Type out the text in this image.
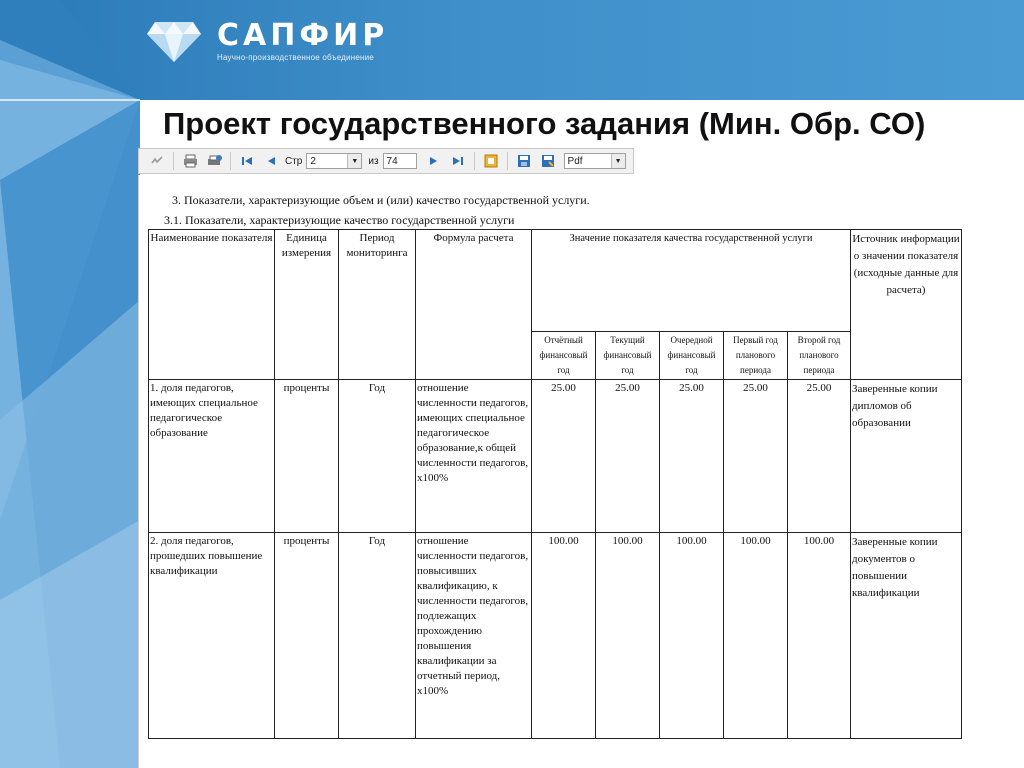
САПФИР
Научно-производственное объединение
Проект государственного задания (Мин. Обр. СО)
Стр 2	▼	из 74	Pdf	▼
3. Показатели, характеризующие объем и (или) качество государственной услуги.
3.1. Показатели, характеризующие качество государственной услуги
Наименование показателя	Единица измерения	Период мониторинга	Формула расчета	Значение показателя качества государственной услуги					Источник информации о значении показателя (исходные данные для расчета)
				Отчётный финансовый год	Текущий финансовый год	Очередной финансовый год	Первый год планового периода	Второй год планового периода	
1. доля педагогов, имеющих специальное педагогическое образование	проценты	Год	отношение численности педагогов, имеющих специальное педагогическое образование,к общей численности педагогов, х100%	25.00	25.00	25.00	25.00	25.00	Заверенные копии дипломов об образовании
2. доля педагогов, прошедших повышение квалификации	проценты	Год	отношение численности педагогов, повысивших квалификацию, к численности педагогов, подлежащих прохождению повышения квалификации за отчетный период, х100%	100.00	100.00	100.00	100.00	100.00	Заверенные копии документов о повышении квалификации
